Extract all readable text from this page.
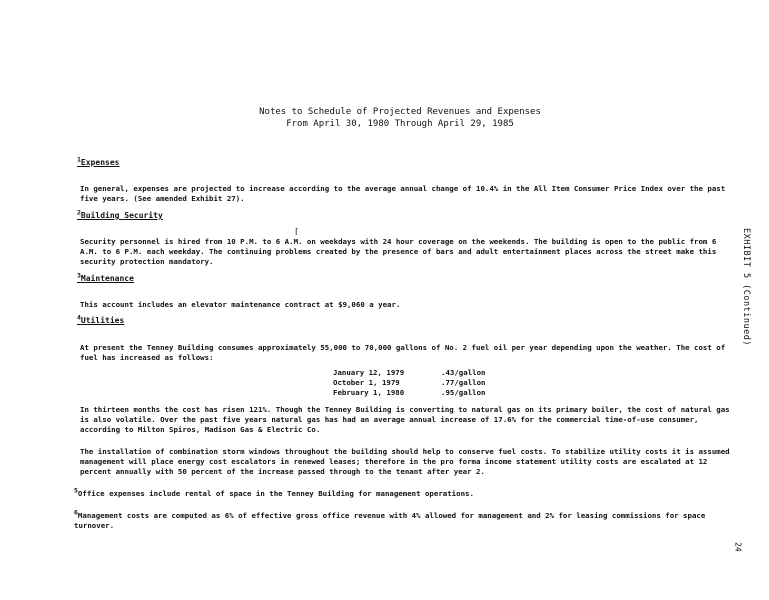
Notes to Schedule of Projected Revenues and Expenses
From April 30, 1980 Through April 29, 1985
EXHIBIT 5 (Continued)
$^1$Expenses
In general, expenses are projected to increase according to the average annual change of 10.4% in the All Item Consumer Price Index over the past five years. (See amended Exhibit 27).
$^2$Building Security
⌈
Security personnel is hired from 10 P.M. to 6 A.M. on weekdays with 24 hour coverage on the weekends. The building is open to the public from 6 A.M. to 6 P.M. each weekday. The continuing problems created by the presence of bars and adult entertainment places across the street make this security protection mandatory.
$^3$Maintenance
This account includes an elevator maintenance contract at $9,060 a year.
$^4$Utilities
At present the Tenney Building consumes approximately 55,000 to 70,000 gallons of No. 2 fuel oil per year depending upon the weather. The cost of fuel has increased as follows:
January 12, 1979	.43/gallon
October 1, 1979	.77/gallon
February 1, 1980	.95/gallon
In thirteen months the cost has risen 121%. Though the Tenney Building is converting to natural gas on its primary boiler, the cost of natural gas is also volatile. Over the past five years natural gas has had an average annual increase of 17.6% for the commercial time-of-use consumer, according to Milton Spiros, Madison Gas & Electric Co.
The installation of combination storm windows throughout the building should help to conserve fuel costs. To stabilize utility costs it is assumed management will place energy cost escalators in renewed leases; therefore in the pro forma income statement utility costs are escalated at 12 percent annually with 50 percent of the increase passed through to the tenant after year 2.
5Office expenses include rental of space in the Tenney Building for management operations.
6Management costs are computed as 6% of effective gross office revenue with 4% allowed for management and 2% for leasing commissions for space turnover.
24
